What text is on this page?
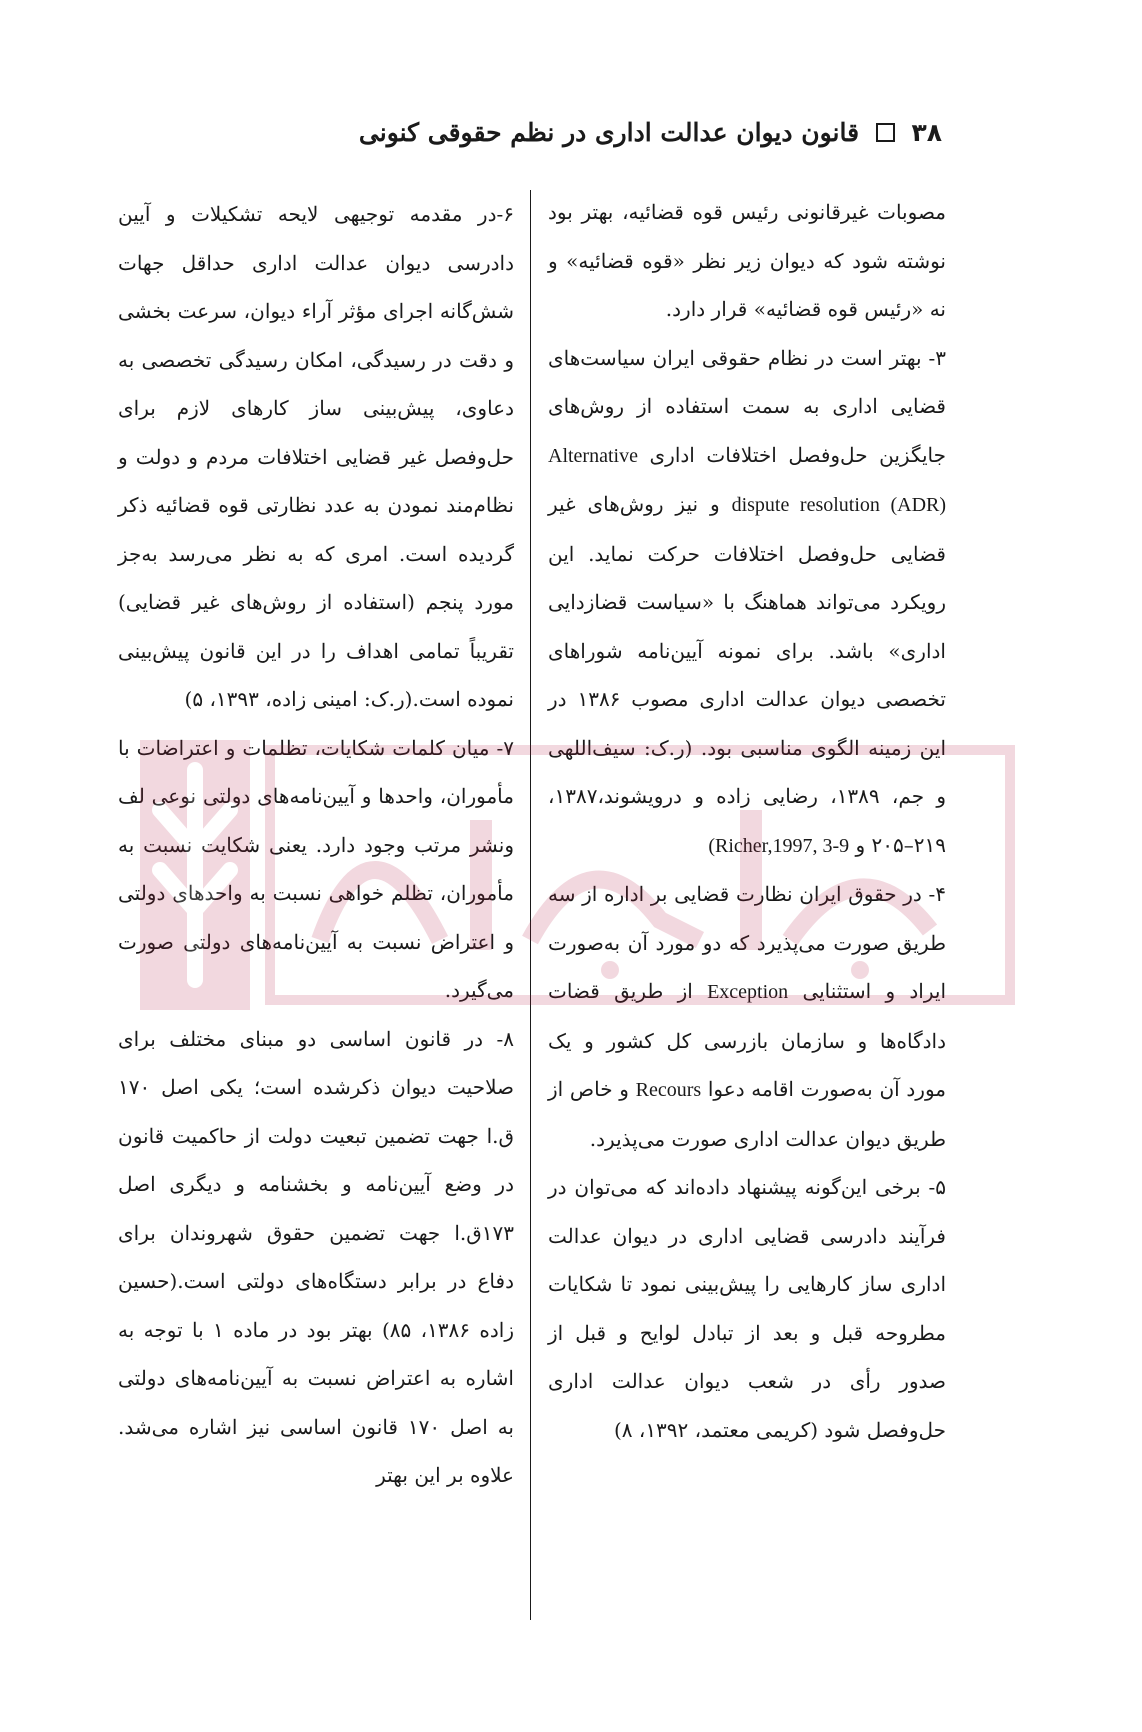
۳۸  قانون دیوان عدالت اداری در نظم حقوقی کنونی

مصوبات غیرقانونی رئیس قوه قضائیه، بهتر بود نوشته شود که دیوان زیر نظر «قوه قضائیه» و نه «رئیس قوه قضائیه» قرار دارد.

۳- بهتر است در نظام حقوقی ایران سیاست‌های قضایی اداری به سمت استفاده از روش‌های جایگزین حل‌وفصل اختلافات اداری Alternative dispute resolution (ADR) و نیز روش‌های غیر قضایی حل‌وفصل اختلافات حرکت نماید. این رویکرد می‌تواند هماهنگ با «سیاست قضازدایی اداری» باشد. برای نمونه آیین‌نامه شوراهای تخصصی دیوان عدالت اداری مصوب ۱۳۸۶ در این زمینه الگوی مناسبی بود. (ر.ک: سیف‌اللهی و جم، ۱۳۸۹، رضایی زاده و درویشوند،۱۳۸۷، ۲۱۹–۲۰۵ و (Richer,1997, 3-9

۴- در حقوق ایران نظارت قضایی بر اداره از سه طریق صورت می‌پذیرد که دو مورد آن به‌صورت ایراد و استثنایی Exception از طریق قضات دادگاه‌ها و سازمان بازرسی کل کشور و یک مورد آن به‌صورت اقامه دعوا Recours و خاص از طریق دیوان عدالت اداری صورت می‌پذیرد.

۵- برخی این‌گونه پیشنهاد داده‌اند که می‌توان در فرآیند دادرسی قضایی اداری در دیوان عدالت اداری ساز کارهایی را پیش‌بینی نمود تا شکایات مطروحه قبل و بعد از تبادل لوایح و قبل از صدور رأی در شعب دیوان عدالت اداری حل‌وفصل شود (کریمی معتمد، ۱۳۹۲، ۸)

۶-در مقدمه توجیهی لایحه تشکیلات و آیین دادرسی دیوان عدالت اداری حداقل جهات شش‌گانه اجرای مؤثر آراء دیوان، سرعت بخشی و دقت در رسیدگی، امکان رسیدگی تخصصی به دعاوی، پیش‌بینی ساز کارهای لازم برای حل‌وفصل غیر قضایی اختلافات مردم و دولت و نظام‌مند نمودن به عدد نظارتی قوه قضائیه ذکر گردیده است. امری که به نظر می‌رسد به‌جز مورد پنجم (استفاده از روش‌های غیر قضایی) تقریباً تمامی اهداف را در این قانون پیش‌بینی نموده است.(ر.ک: امینی زاده، ۱۳۹۳، ۵)

۷- میان کلمات شکایات، تظلمات و اعتراضات با مأموران، واحدها و آیین‌نامه‌های دولتی نوعی لف ونشر مرتب وجود دارد. یعنی شکایت نسبت به مأموران، تظلم خواهی نسبت به واحدهای دولتی و اعتراض نسبت به آیین‌نامه‌های دولتی صورت می‌گیرد.

۸- در قانون اساسی دو مبنای مختلف برای صلاحیت دیوان ذکرشده است؛ یکی اصل ۱۷۰ ق.ا جهت تضمین تبعیت دولت از حاکمیت قانون در وضع آیین‌نامه و بخشنامه و دیگری اصل ۱۷۳ق.ا جهت تضمین حقوق شهروندان برای دفاع در برابر دستگاه‌های دولتی است.(حسین زاده ۱۳۸۶، ۸۵) بهتر بود در ماده ۱ با توجه به اشاره به اعتراض نسبت به آیین‌نامه‌های دولتی به اصل ۱۷۰ قانون اساسی نیز اشاره می‌شد. علاوه بر این بهتر
